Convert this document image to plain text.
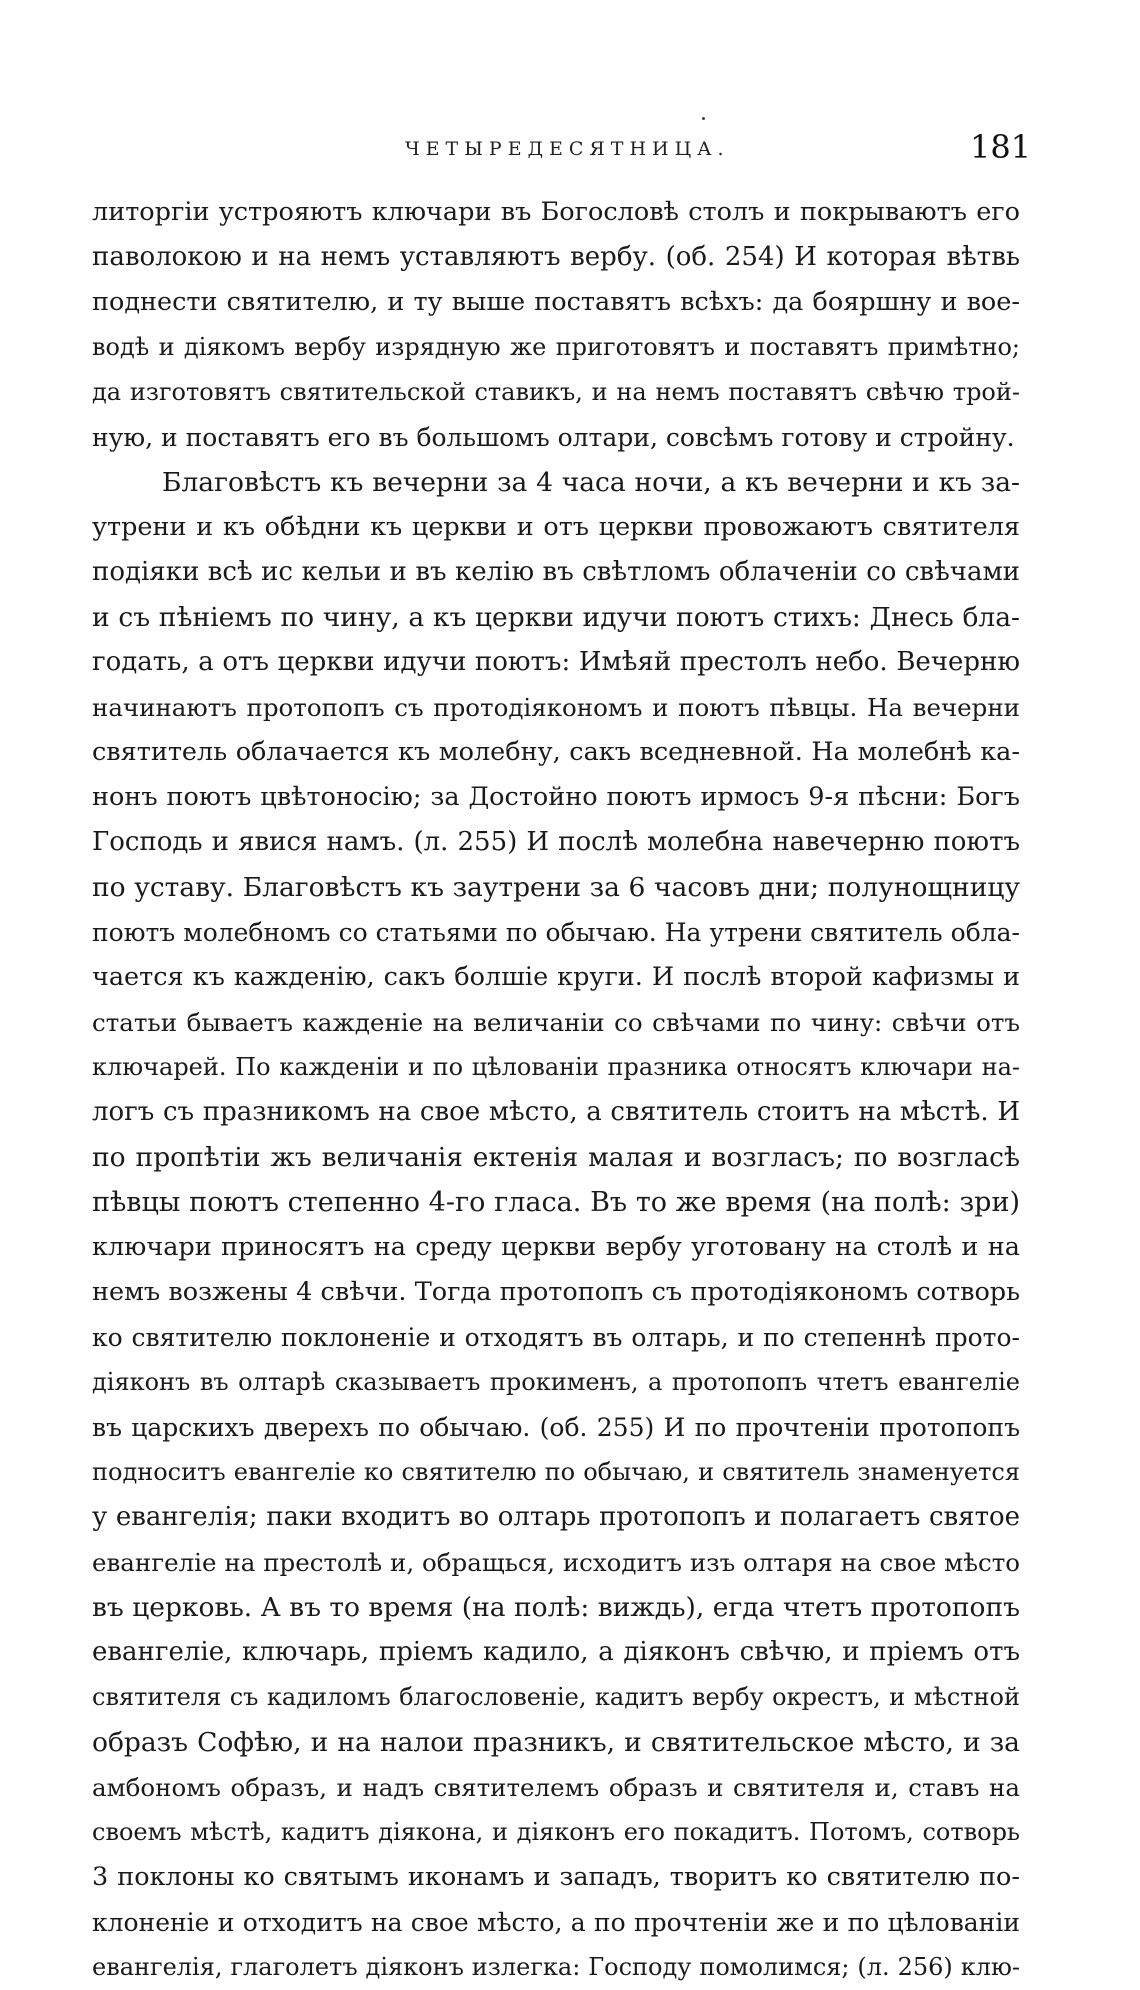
ЧЕТЫРЕДЕСЯТНИЦА.	181
литоргіи устрояютъ ключари въ Богословѣ столъ и покрываютъ его
паволокою и на немъ уставляютъ вербу. (об. 254) И которая вѣтвь
поднести святителю, и ту выше поставятъ всѣхъ: да бояршну и вое-
водѣ и діякомъ вербу изрядную же приготовятъ и поставятъ примѣтно;
да изготовятъ святительской ставикъ, и на немъ поставятъ свѣчю трой-
ную, и поставятъ его въ большомъ олтари, совсѣмъ готову и стройну.
Благовѣстъ къ вечерни за 4 часа ночи, а къ вечерни и къ за-
утрени и къ обѣдни къ церкви и отъ церкви провожаютъ святителя
подіяки всѣ ис кельи и въ келію въ свѣтломъ облаченіи со свѣчами
и съ пѣніемъ по чину, а къ церкви идучи поютъ стихъ: Днесь бла-
годать, а отъ церкви идучи поютъ: Имѣяй престолъ небо. Вечерню
начинаютъ протопопъ съ протодіякономъ и поютъ пѣвцы. На вечерни
святитель облачается къ молебну, сакъ вседневной. На молебнѣ ка-
нонъ поютъ цвѣтоносію; за Достойно поютъ ирмосъ 9-я пѣсни: Богъ
Господь и явися намъ. (л. 255) И послѣ молебна навечерню поютъ
по уставу. Благовѣстъ къ заутрени за 6 часовъ дни; полунощницу
поютъ молебномъ со статьями по обычаю. На утрени святитель обла-
чается къ кажденію, сакъ болшіе круги. И послѣ второй кафизмы и
статьи бываетъ кажденіе на величаніи со свѣчами по чину: свѣчи отъ
ключарей. По кажденіи и по цѣлованіи празника относятъ ключари на-
логъ съ празникомъ на свое мѣсто, а святитель стоитъ на мѣстѣ. И
по пропѣтіи жъ величанія ектенія малая и возгласъ; по возгласѣ
пѣвцы поютъ степенно 4-го гласа. Въ то же время (на полѣ: зри)
ключари приносятъ на среду церкви вербу уготовану на столѣ и на
немъ возжены 4 свѣчи. Тогда протопопъ съ протодіякономъ сотворь
ко святителю поклоненіе и отходятъ въ олтарь, и по степеннѣ прото-
діяконъ въ олтарѣ сказываетъ прокименъ, а протопопъ чтетъ евангеліе
въ царскихъ дверехъ по обычаю. (об. 255) И по прочтеніи протопопъ
подноситъ евангеліе ко святителю по обычаю, и святитель знаменуется
у евангелія; паки входитъ во олтарь протопопъ и полагаетъ святое
евангеліе на престолѣ и, обращься, исходитъ изъ олтаря на свое мѣсто
въ церковь. А въ то время (на полѣ: виждь), егда чтетъ протопопъ
евангеліе, ключарь, пріемъ кадило, а діяконъ свѣчю, и пріемъ отъ
святителя съ кадиломъ благословеніе, кадитъ вербу окрестъ, и мѣстной
образъ Софѣю, и на налои празникъ, и святительское мѣсто, и за
амбономъ образъ, и надъ святителемъ образъ и святителя и, ставъ на
своемъ мѣстѣ, кадитъ діякона, и діяконъ его покадитъ. Потомъ, сотворь
3 поклоны ко святымъ иконамъ и западъ, творитъ ко святителю по-
клоненіе и отходитъ на свое мѣсто, а по прочтеніи же и по цѣлованіи
евангелія, глаголетъ діяконъ излегка: Господу помолимся; (л. 256) клю-
